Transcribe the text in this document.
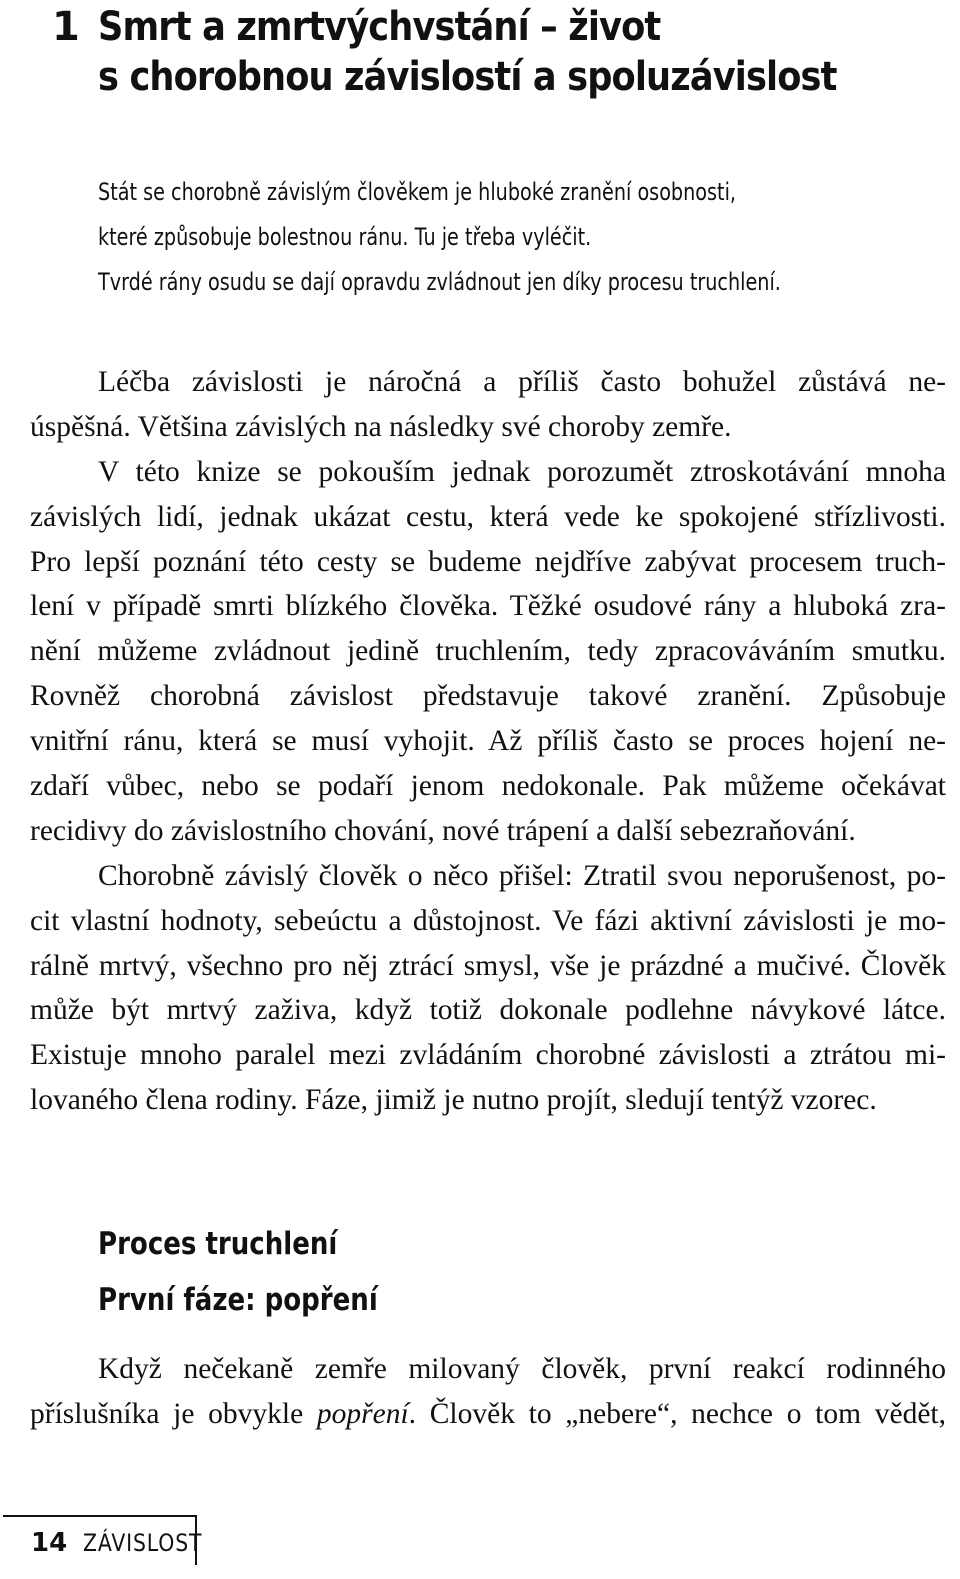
1 Smrt a zmrtvýchvstání – život
s chorobnou závislostí a spoluzávislost
Stát se chorobně závislým člověkem je hluboké zranění osobnosti,
které způsobuje bolestnou ránu. Tu je třeba vyléčit.
Tvrdé rány osudu se dají opravdu zvládnout jen díky procesu truchlení.
Léčba závislosti je náročná a příliš často bohužel zůstává ne-
úspěšná. Většina závislých na následky své choroby zemře.
V této knize se pokouším jednak porozumět ztroskotávání mnoha
závislých lidí, jednak ukázat cestu, která vede ke spokojené střízlivosti.
Pro lepší poznání této cesty se budeme nejdříve zabývat procesem truch-
lení v případě smrti blízkého člověka. Těžké osudové rány a hluboká zra-
nění můžeme zvládnout jedině truchlením, tedy zpracováváním smutku.
Rovněž chorobná závislost představuje takové zranění. Způsobuje
vnitřní ránu, která se musí vyhojit. Až příliš často se proces hojení ne-
zdaří vůbec, nebo se podaří jenom nedokonale. Pak můžeme očekávat
recidivy do závislostního chování, nové trápení a další sebezraňování.
Chorobně závislý člověk o něco přišel: Ztratil svou neporušenost, po-
cit vlastní hodnoty, sebeúctu a důstojnost. Ve fázi aktivní závislosti je mo-
rálně mrtvý, všechno pro něj ztrácí smysl, vše je prázdné a mučivé. Člověk
může být mrtvý zaživa, když totiž dokonale podlehne návykové látce.
Existuje mnoho paralel mezi zvládáním chorobné závislosti a ztrátou mi-
lovaného člena rodiny. Fáze, jimiž je nutno projít, sledují tentýž vzorec.
Proces truchlení
První fáze: popření
Když nečekaně zemře milovaný člověk, první reakcí rodinného
příslušníka je obvykle popření. Člověk to „nebere“, nechce o tom vědět,
14 ZÁVISLOST
